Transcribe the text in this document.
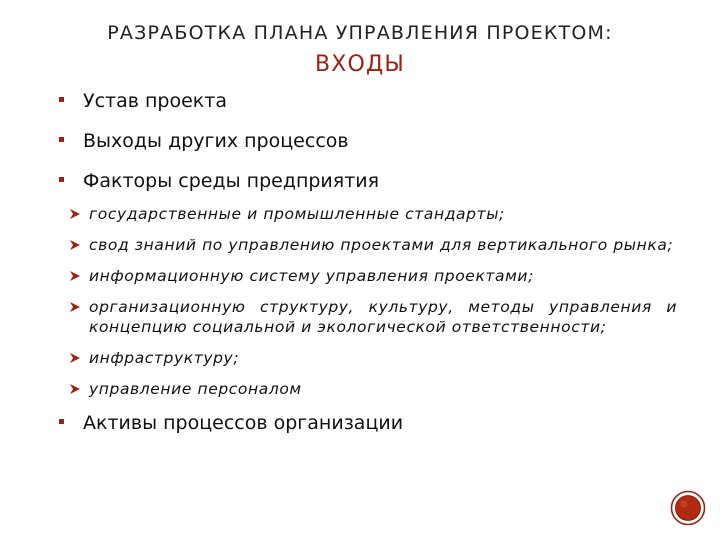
РАЗРАБОТКА ПЛАНА УПРАВЛЕНИЯ ПРОЕКТОМ:
ВХОДЫ
Устав проекта
Выходы других процессов
Факторы среды предприятия
государственные и промышленные стандарты;
свод знаний по управлению проектами для вертикального рынка;
информационную систему управления проектами;
организационную структуру, культуру, методы управления и концепцию социальной и экологической ответственности;
инфраструктуру;
управление персоналом
Активы процессов организации
